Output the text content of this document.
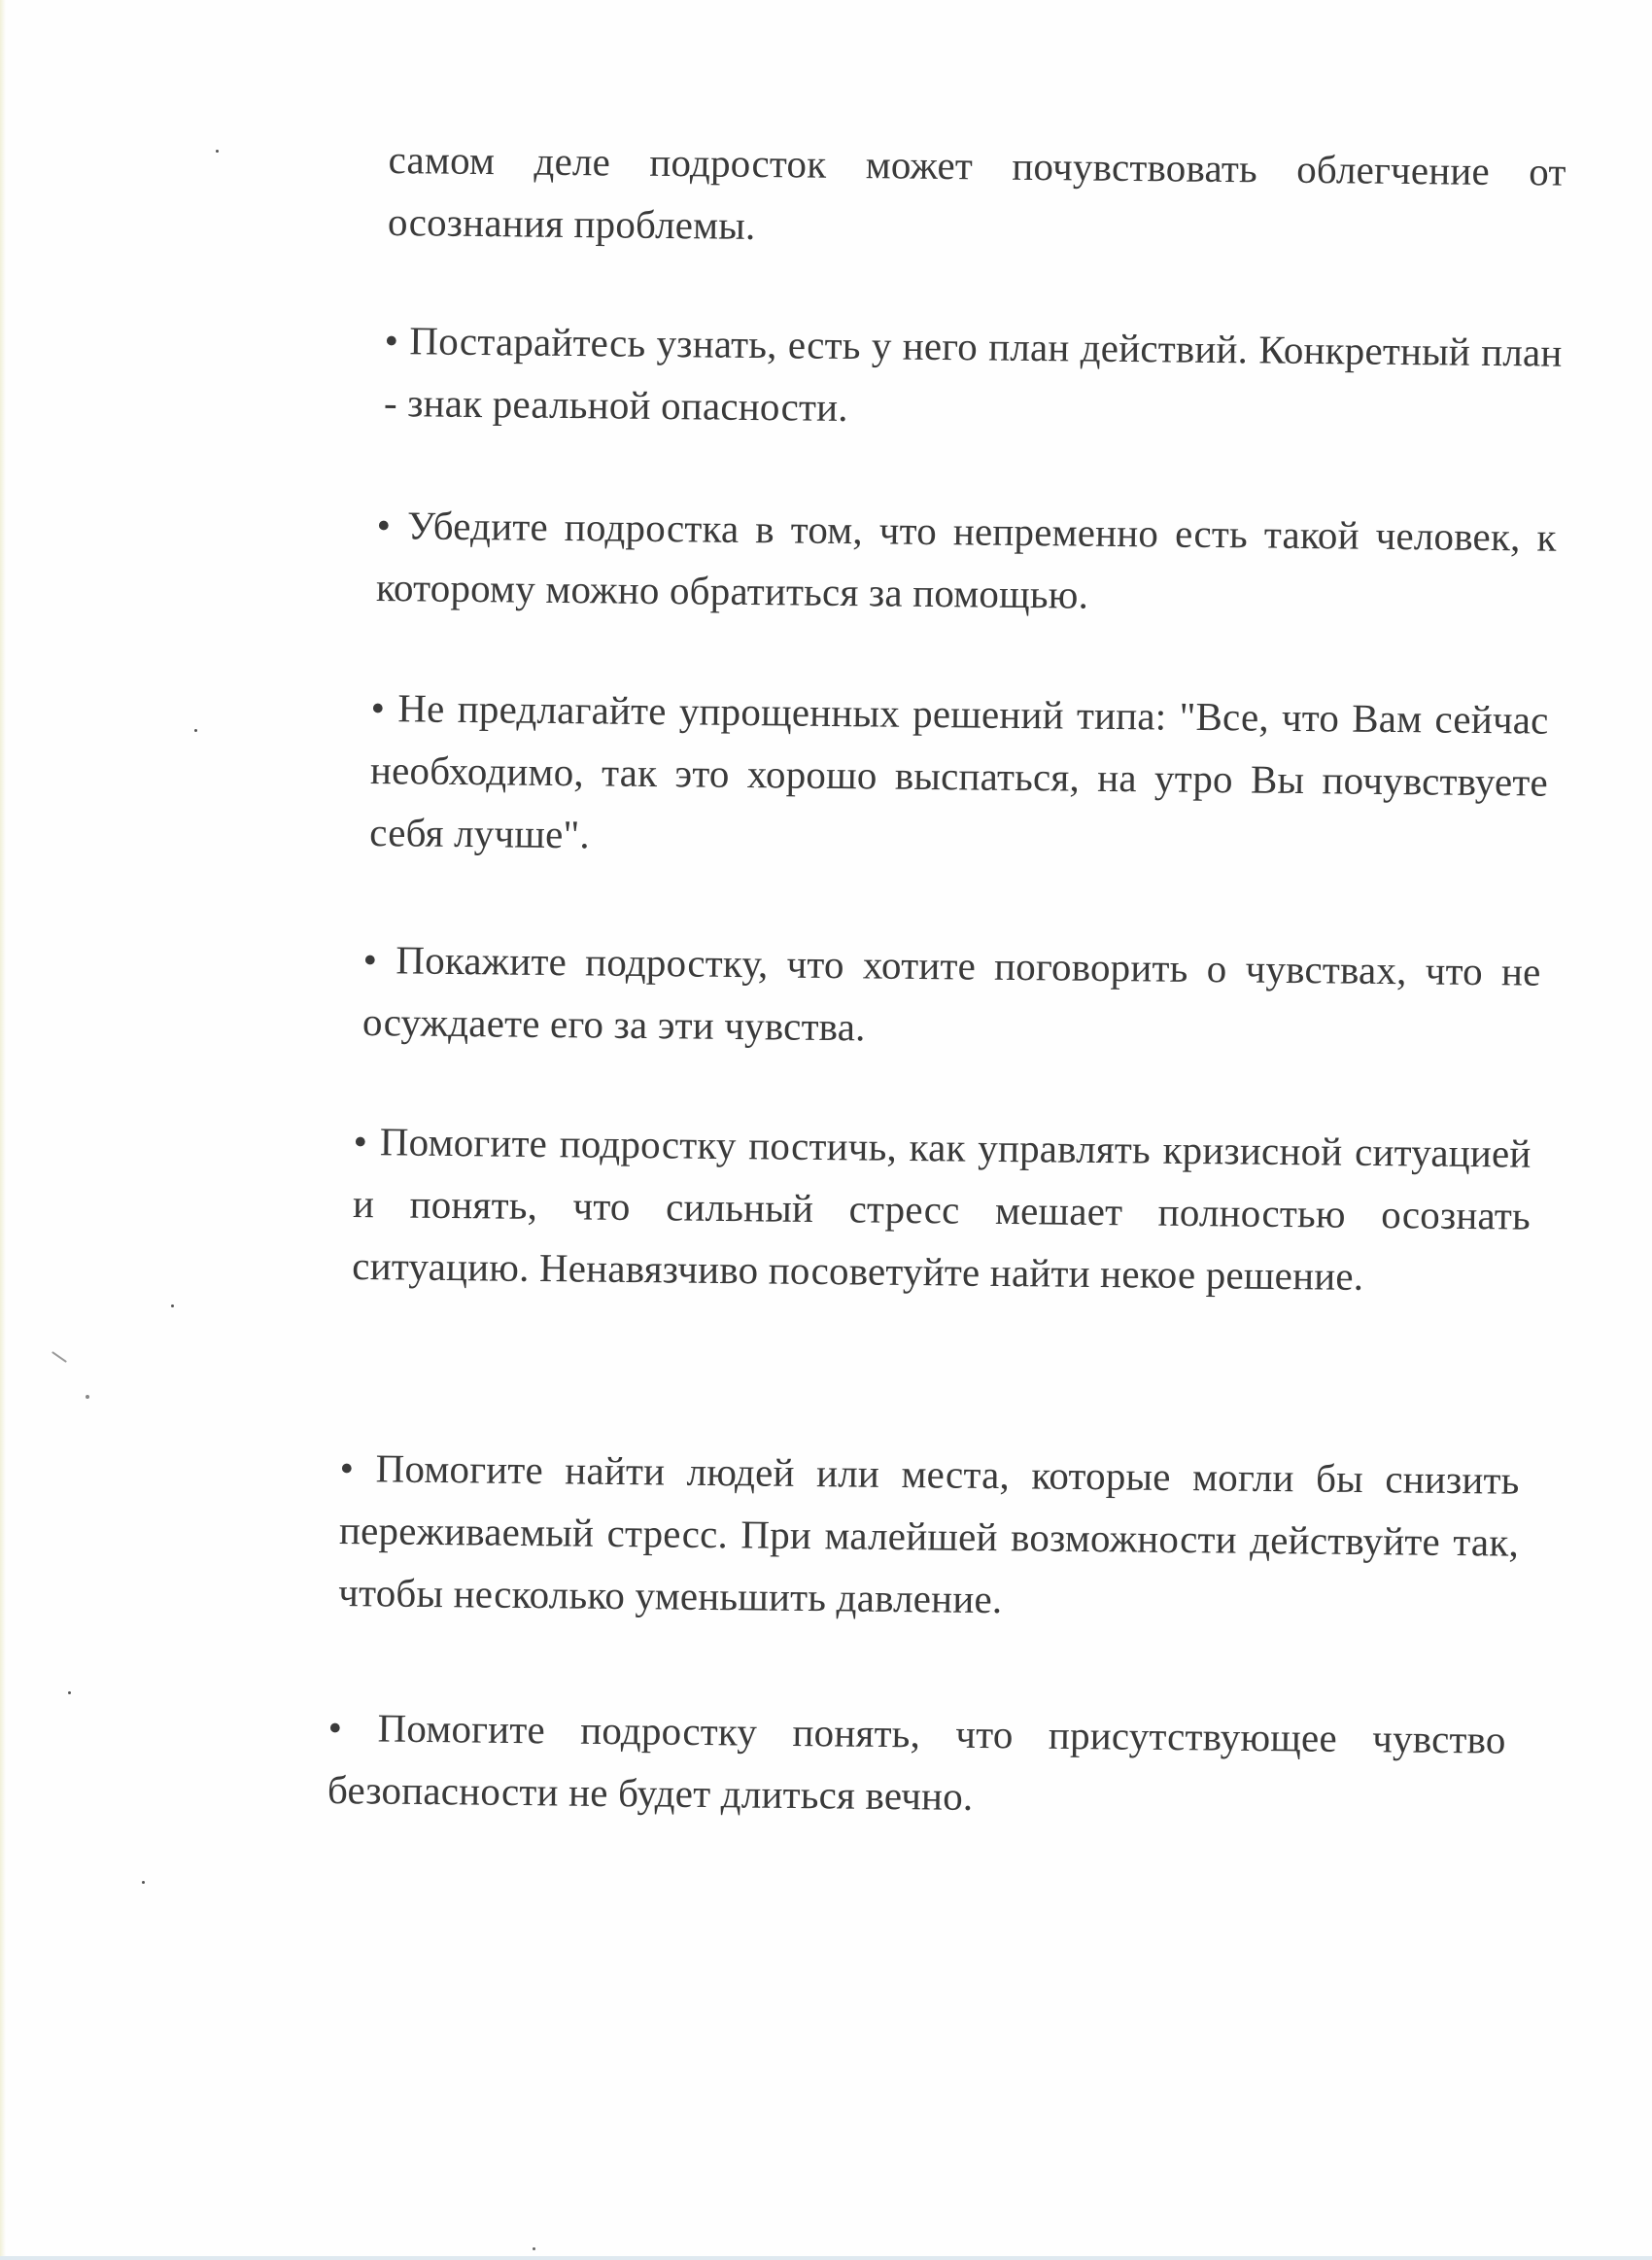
самом деле подросток может почувствовать облегчение от осознания проблемы.

• Постарайтесь узнать, есть у него план действий. Конкретный план - знак реальной опасности.

• Убедите подростка в том, что непременно есть такой человек, к которому можно обратиться за помощью.

• Не предлагайте упрощенных решений типа: "Все, что Вам сейчас необходимо, так это хорошо выспаться, на утро Вы почувствуете себя лучше".

• Покажите подростку, что хотите поговорить о чувствах, что не осуждаете его за эти чувства.

• Помогите подростку постичь, как управлять кризисной ситуацией и понять, что сильный стресс мешает полностью осознать ситуацию. Ненавязчиво посоветуйте найти некое решение.

• Помогите найти людей или места, которые могли бы снизить переживаемый стресс. При малейшей возможности действуйте так, чтобы несколько уменьшить давление.

• Помогите подростку понять, что присутствующее чувство безопасности не будет длиться вечно.
